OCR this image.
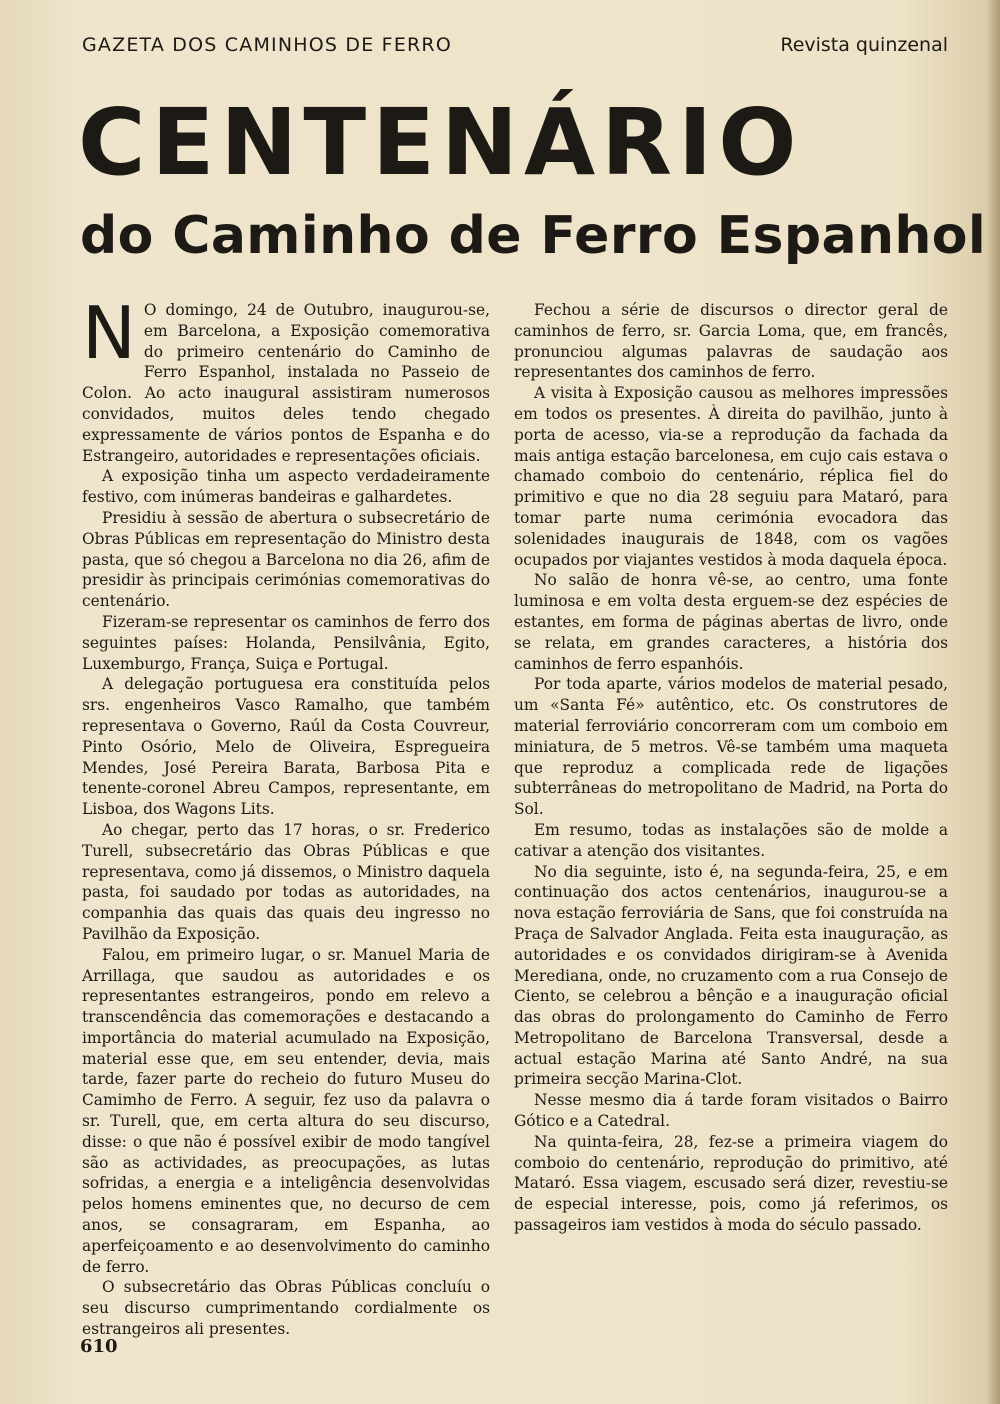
GAZETA DOS CAMINHOS DE FERRO	Revista quinzenal
CENTENÁRIO
do Caminho de Ferro Espanhol

N O domingo, 24 de Outubro, inaugurou-se, em Barcelona, a Exposição comemorativa do primeiro centenário do Caminho de Ferro Espanhol, instalada no Passeio de Colon. Ao acto inaugural assistiram numerosos convidados, muitos deles tendo chegado expressamente de vários pontos de Espanha e do Estrangeiro, autoridades e representações oficiais.

A exposição tinha um aspecto verdadeiramente festivo, com inúmeras bandeiras e galhardetes.

Presidiu à sessão de abertura o subsecretário de Obras Públicas em representação do Ministro desta pasta, que só chegou a Barcelona no dia 26, afim de presidir às principais cerimónias comemorativas do centenário.

Fizeram-se representar os caminhos de ferro dos seguintes países: Holanda, Pensilvânia, Egito, Luxemburgo, França, Suiça e Portugal.

A delegação portuguesa era constituída pelos srs. engenheiros Vasco Ramalho, que também representava o Governo, Raúl da Costa Couvreur, Pinto Osório, Melo de Oliveira, Espregueira Mendes, José Pereira Barata, Barbosa Pita e tenente-coronel Abreu Campos, representante, em Lisboa, dos Wagons Lits.

Ao chegar, perto das 17 horas, o sr. Frederico Turell, subsecretário das Obras Públicas e que representava, como já dissemos, o Ministro daquela pasta, foi saudado por todas as autoridades, na companhia das quais das quais deu ingresso no Pavilhão da Exposição.

Falou, em primeiro lugar, o sr. Manuel Maria de Arrillaga, que saudou as autoridades e os representantes estrangeiros, pondo em relevo a transcendência das comemorações e destacando a importância do material acumulado na Exposição, material esse que, em seu entender, devia, mais tarde, fazer parte do recheio do futuro Museu do Camimho de Ferro. A seguir, fez uso da palavra o sr. Turell, que, em certa altura do seu discurso, disse: o que não é possível exibir de modo tangível são as actividades, as preocupações, as lutas sofridas, a energia e a inteligência desenvolvidas pelos homens eminentes que, no decurso de cem anos, se consagraram, em Espanha, ao aperfeiçoamento e ao desenvolvimento do caminho de ferro.

O subsecretário das Obras Públicas concluíu o seu discurso cumprimentando cordialmente os estrangeiros ali presentes.

Fechou a série de discursos o director geral de caminhos de ferro, sr. Garcia Loma, que, em francês, pronunciou algumas palavras de saudação aos representantes dos caminhos de ferro.

A visita à Exposição causou as melhores impressões em todos os presentes. À direita do pavilhão, junto à porta de acesso, via-se a reprodução da fachada da mais antiga estação barcelonesa, em cujo cais estava o chamado comboio do centenário, réplica fiel do primitivo e que no dia 28 seguiu para Mataró, para tomar parte numa cerimónia evocadora das solenidades inaugurais de 1848, com os vagões ocupados por viajantes vestidos à moda daquela época.

No salão de honra vê-se, ao centro, uma fonte luminosa e em volta desta erguem-se dez espécies de estantes, em forma de páginas abertas de livro, onde se relata, em grandes caracteres, a história dos caminhos de ferro espanhóis.

Por toda aparte, vários modelos de material pesado, um «Santa Fé» autêntico, etc. Os construtores de material ferroviário concorreram com um comboio em miniatura, de 5 metros. Vê-se também uma maqueta que reproduz a complicada rede de ligações subterrâneas do metropolitano de Madrid, na Porta do Sol.

Em resumo, todas as instalações são de molde a cativar a atenção dos visitantes.

No dia seguinte, isto é, na segunda-feira, 25, e em continuação dos actos centenários, inaugurou-se a nova estação ferroviária de Sans, que foi construída na Praça de Salvador Anglada. Feita esta inauguração, as autoridades e os convidados dirigiram-se à Avenida Merediana, onde, no cruzamento com a rua Consejo de Ciento, se celebrou a bênção e a inauguração oficial das obras do prolongamento do Caminho de Ferro Metropolitano de Barcelona Transversal, desde a actual estação Marina até Santo André, na sua primeira secção Marina-Clot.

Nesse mesmo dia á tarde foram visitados o Bairro Gótico e a Catedral.

Na quinta-feira, 28, fez-se a primeira viagem do comboio do centenário, reprodução do primitivo, até Mataró. Essa viagem, escusado será dizer, revestiu-se de especial interesse, pois, como já referimos, os passageiros iam vestidos à moda do século passado.

610
